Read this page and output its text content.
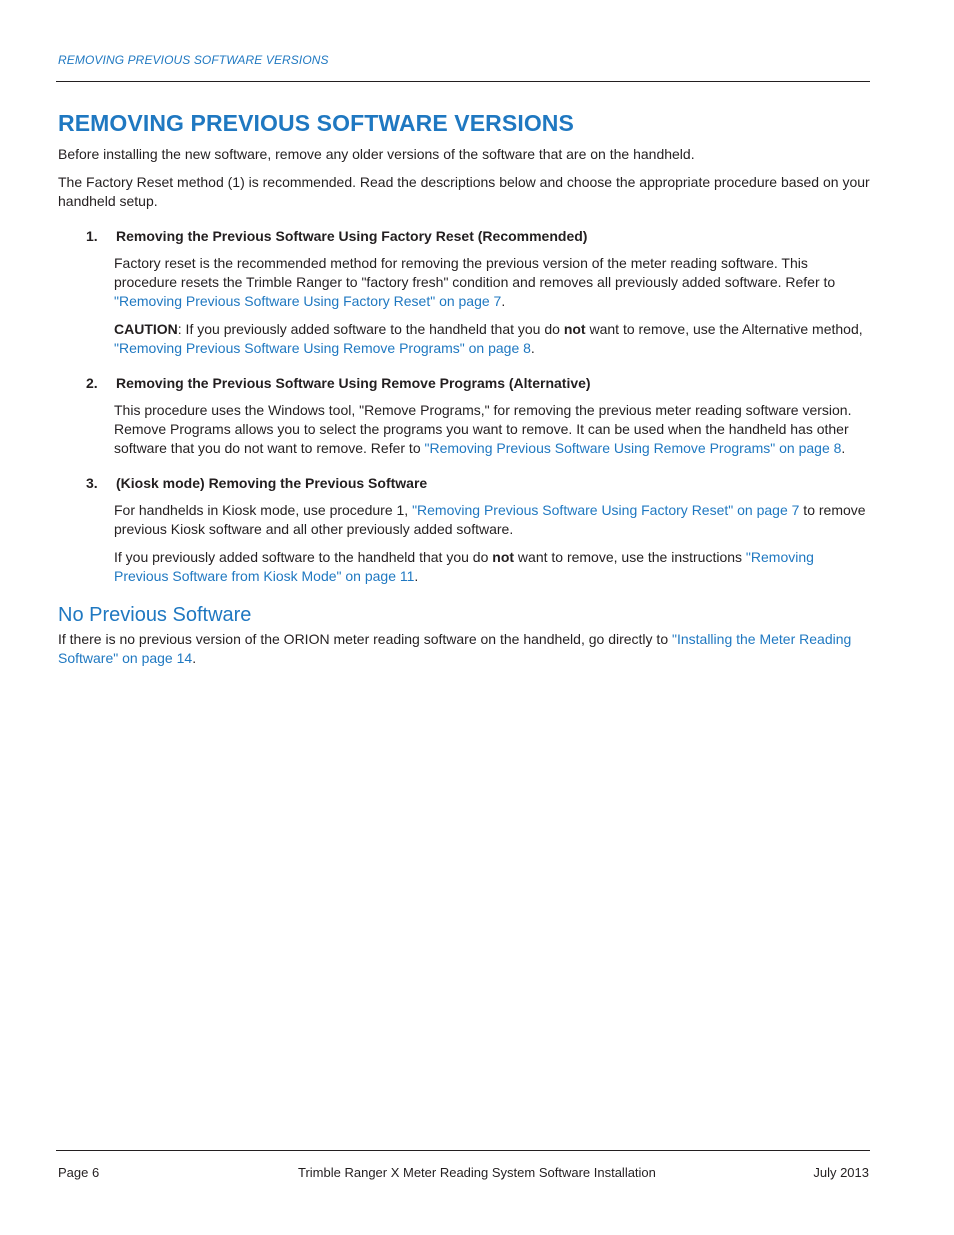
REMOVING PREVIOUS SOFTWARE VERSIONS
REMOVING PREVIOUS SOFTWARE VERSIONS

Before installing the new software, remove any older versions of the software that are on the handheld.

The Factory Reset method (1) is recommended. Read the descriptions below and choose the appropriate procedure based on your handheld setup.

1. Removing the Previous Software Using Factory Reset (Recommended)

Factory reset is the recommended method for removing the previous version of the meter reading software. This procedure resets the Trimble Ranger to "factory fresh" condition and removes all previously added software. Refer to "Removing Previous Software Using Factory Reset" on page 7.

CAUTION: If you previously added software to the handheld that you do not want to remove, use the Alternative method, "Removing Previous Software Using Remove Programs" on page 8.

2. Removing the Previous Software Using Remove Programs (Alternative)

This procedure uses the Windows tool, "Remove Programs," for removing the previous meter reading software version. Remove Programs allows you to select the programs you want to remove. It can be used when the handheld has other software that you do not want to remove. Refer to "Removing Previous Software Using Remove Programs" on page 8.

3. (Kiosk mode) Removing the Previous Software

For handhelds in Kiosk mode, use procedure 1, "Removing Previous Software Using Factory Reset" on page 7 to remove previous Kiosk software and all other previously added software.

If you previously added software to the handheld that you do not want to remove, use the instructions "Removing Previous Software from Kiosk Mode" on page 11.

No Previous Software

If there is no previous version of the ORION meter reading software on the handheld, go directly to "Installing the Meter Reading Software" on page 14.

Page 6	Trimble Ranger X Meter Reading System Software Installation	July 2013
